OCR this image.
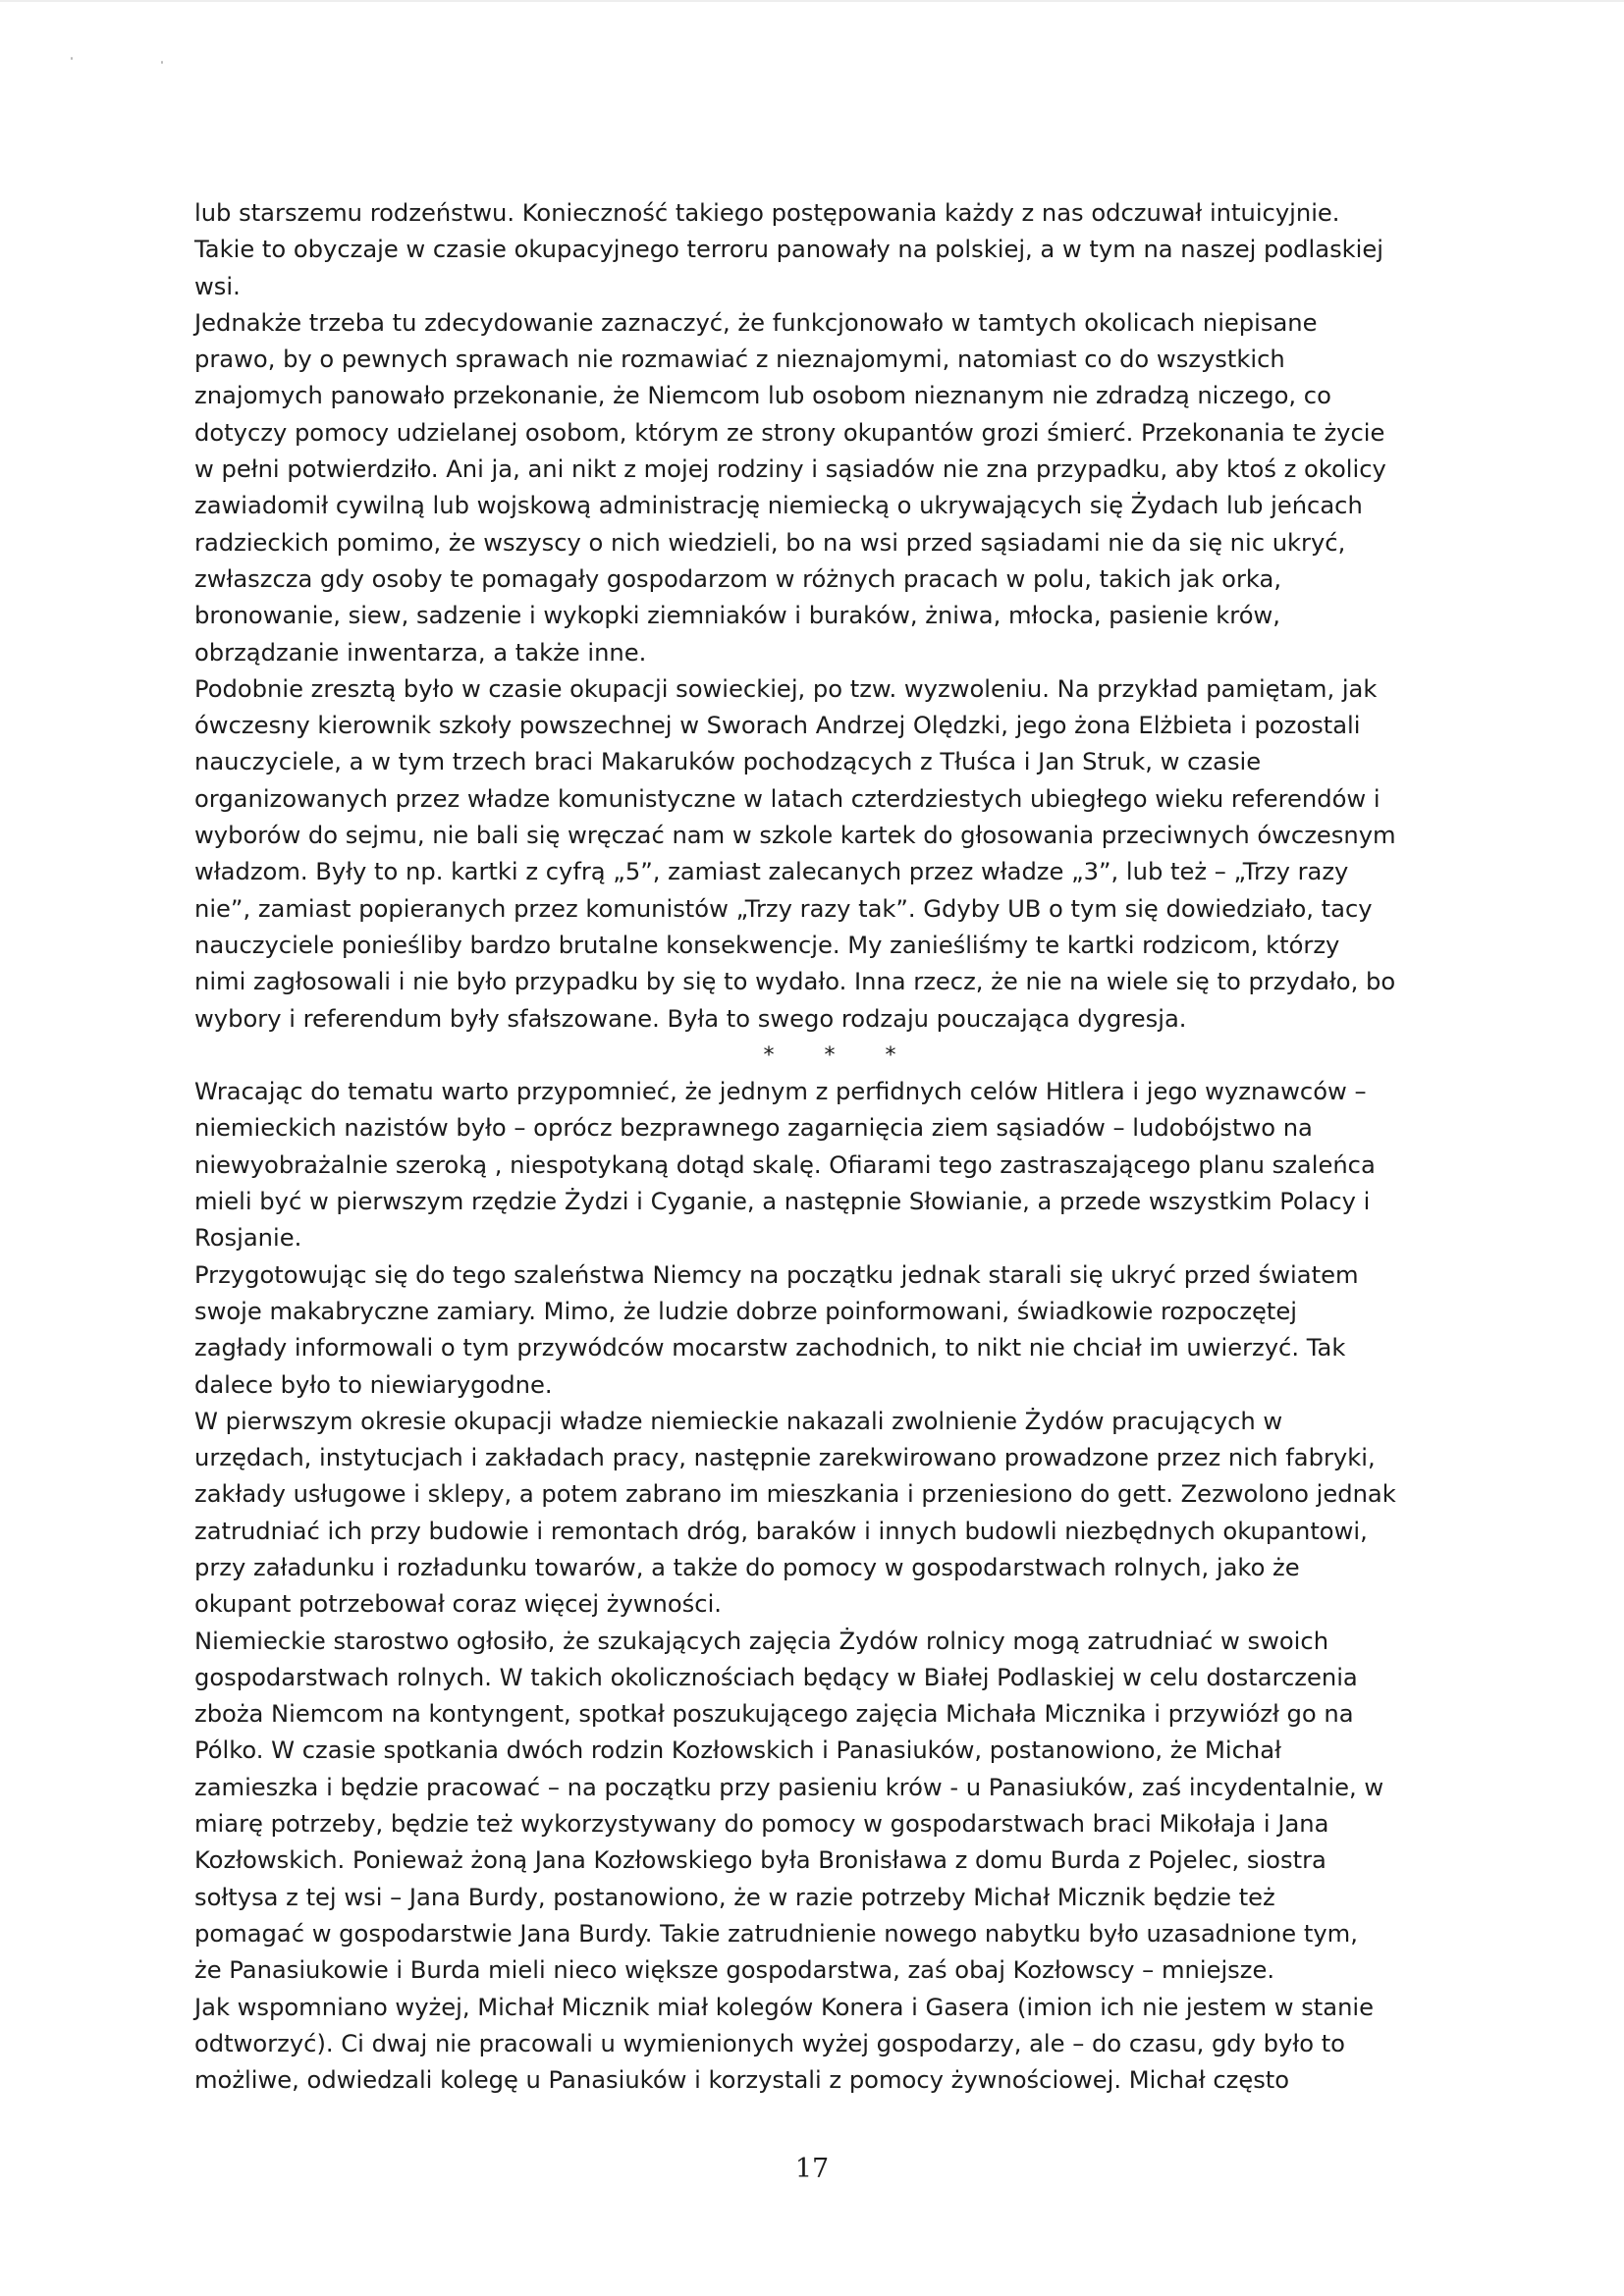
lub starszemu rodzeństwu. Konieczność takiego postępowania każdy z nas odczuwał intuicyjnie.
Takie to obyczaje w czasie okupacyjnego terroru panowały na polskiej, a w tym na naszej podlaskiej
wsi.

Jednakże trzeba tu zdecydowanie zaznaczyć, że funkcjonowało w tamtych okolicach niepisane
prawo, by o pewnych sprawach nie rozmawiać z nieznajomymi, natomiast co do wszystkich
znajomych panowało przekonanie, że Niemcom lub osobom nieznanym nie zdradzą niczego, co
dotyczy pomocy udzielanej osobom, którym ze strony okupantów grozi śmierć. Przekonania te życie
w pełni potwierdziło. Ani ja, ani nikt z mojej rodziny i sąsiadów nie zna przypadku, aby ktoś z okolicy
zawiadomił cywilną lub wojskową administrację niemiecką o ukrywających się Żydach lub jeńcach
radzieckich pomimo, że wszyscy o nich wiedzieli, bo na wsi przed sąsiadami nie da się nic ukryć,
zwłaszcza gdy osoby te pomagały gospodarzom w różnych pracach w polu, takich jak orka,
bronowanie, siew, sadzenie i wykopki ziemniaków i buraków, żniwa, młocka, pasienie krów,
obrządzanie inwentarza, a także inne.

Podobnie zresztą było w czasie okupacji sowieckiej, po tzw. wyzwoleniu. Na przykład pamiętam, jak
ówczesny kierownik szkoły powszechnej w Sworach Andrzej Olędzki, jego żona Elżbieta i pozostali
nauczyciele, a w tym trzech braci Makaruków pochodzących z Tłuśca i Jan Struk, w czasie
organizowanych przez władze komunistyczne w latach czterdziestych ubiegłego wieku referendów i
wyborów do sejmu, nie bali się wręczać nam w szkole kartek do głosowania przeciwnych ówczesnym
władzom. Były to np. kartki z cyfrą „5”, zamiast zalecanych przez władze „3”, lub też – „Trzy razy
nie”, zamiast popieranych przez komunistów „Trzy razy tak”. Gdyby UB o tym się dowiedziało, tacy
nauczyciele ponieśliby bardzo brutalne konsekwencje. My zanieśliśmy te kartki rodzicom, którzy
nimi zagłosowali i nie było przypadku by się to wydało. Inna rzecz, że nie na wiele się to przydało, bo
wybory i referendum były sfałszowane. Była to swego rodzaju pouczająca dygresja.

* * *

Wracając do tematu warto przypomnieć, że jednym z perfidnych celów Hitlera i jego wyznawców –
niemieckich nazistów było – oprócz bezprawnego zagarnięcia ziem sąsiadów – ludobójstwo na
niewyobrażalnie szeroką , niespotykaną dotąd skalę. Ofiarami tego zastraszającego planu szaleńca
mieli być w pierwszym rzędzie Żydzi i Cyganie, a następnie Słowianie, a przede wszystkim Polacy i
Rosjanie.

Przygotowując się do tego szaleństwa Niemcy na początku jednak starali się ukryć przed światem
swoje makabryczne zamiary. Mimo, że ludzie dobrze poinformowani, świadkowie rozpoczętej
zagłady informowali o tym przywódców mocarstw zachodnich, to nikt nie chciał im uwierzyć. Tak
dalece było to niewiarygodne.

W pierwszym okresie okupacji władze niemieckie nakazali zwolnienie Żydów pracujących w
urzędach, instytucjach i zakładach pracy, następnie zarekwirowano prowadzone przez nich fabryki,
zakłady usługowe i sklepy, a potem zabrano im mieszkania i przeniesiono do gett. Zezwolono jednak
zatrudniać ich przy budowie i remontach dróg, baraków i innych budowli niezbędnych okupantowi,
przy załadunku i rozładunku towarów, a także do pomocy w gospodarstwach rolnych, jako że
okupant potrzebował coraz więcej żywności.

Niemieckie starostwo ogłosiło, że szukających zajęcia Żydów rolnicy mogą zatrudniać w swoich
gospodarstwach rolnych. W takich okolicznościach będący w Białej Podlaskiej w celu dostarczenia
zboża Niemcom na kontyngent, spotkał poszukującego zajęcia Michała Micznika i przywiózł go na
Pólko. W czasie spotkania dwóch rodzin Kozłowskich i Panasiuków, postanowiono, że Michał
zamieszka i będzie pracować – na początku przy pasieniu krów - u Panasiuków, zaś incydentalnie, w
miarę potrzeby, będzie też wykorzystywany do pomocy w gospodarstwach braci Mikołaja i Jana
Kozłowskich. Ponieważ żoną Jana Kozłowskiego była Bronisława z domu Burda z Pojelec, siostra
sołtysa z tej wsi – Jana Burdy, postanowiono, że w razie potrzeby Michał Micznik będzie też
pomagać w gospodarstwie Jana Burdy. Takie zatrudnienie nowego nabytku było uzasadnione tym,
że Panasiukowie i Burda mieli nieco większe gospodarstwa, zaś obaj Kozłowscy – mniejsze.

Jak wspomniano wyżej, Michał Micznik miał kolegów Konera i Gasera (imion ich nie jestem w stanie
odtworzyć). Ci dwaj nie pracowali u wymienionych wyżej gospodarzy, ale – do czasu, gdy było to
możliwe, odwiedzali kolegę u Panasiuków i korzystali z pomocy żywnościowej. Michał często

17
